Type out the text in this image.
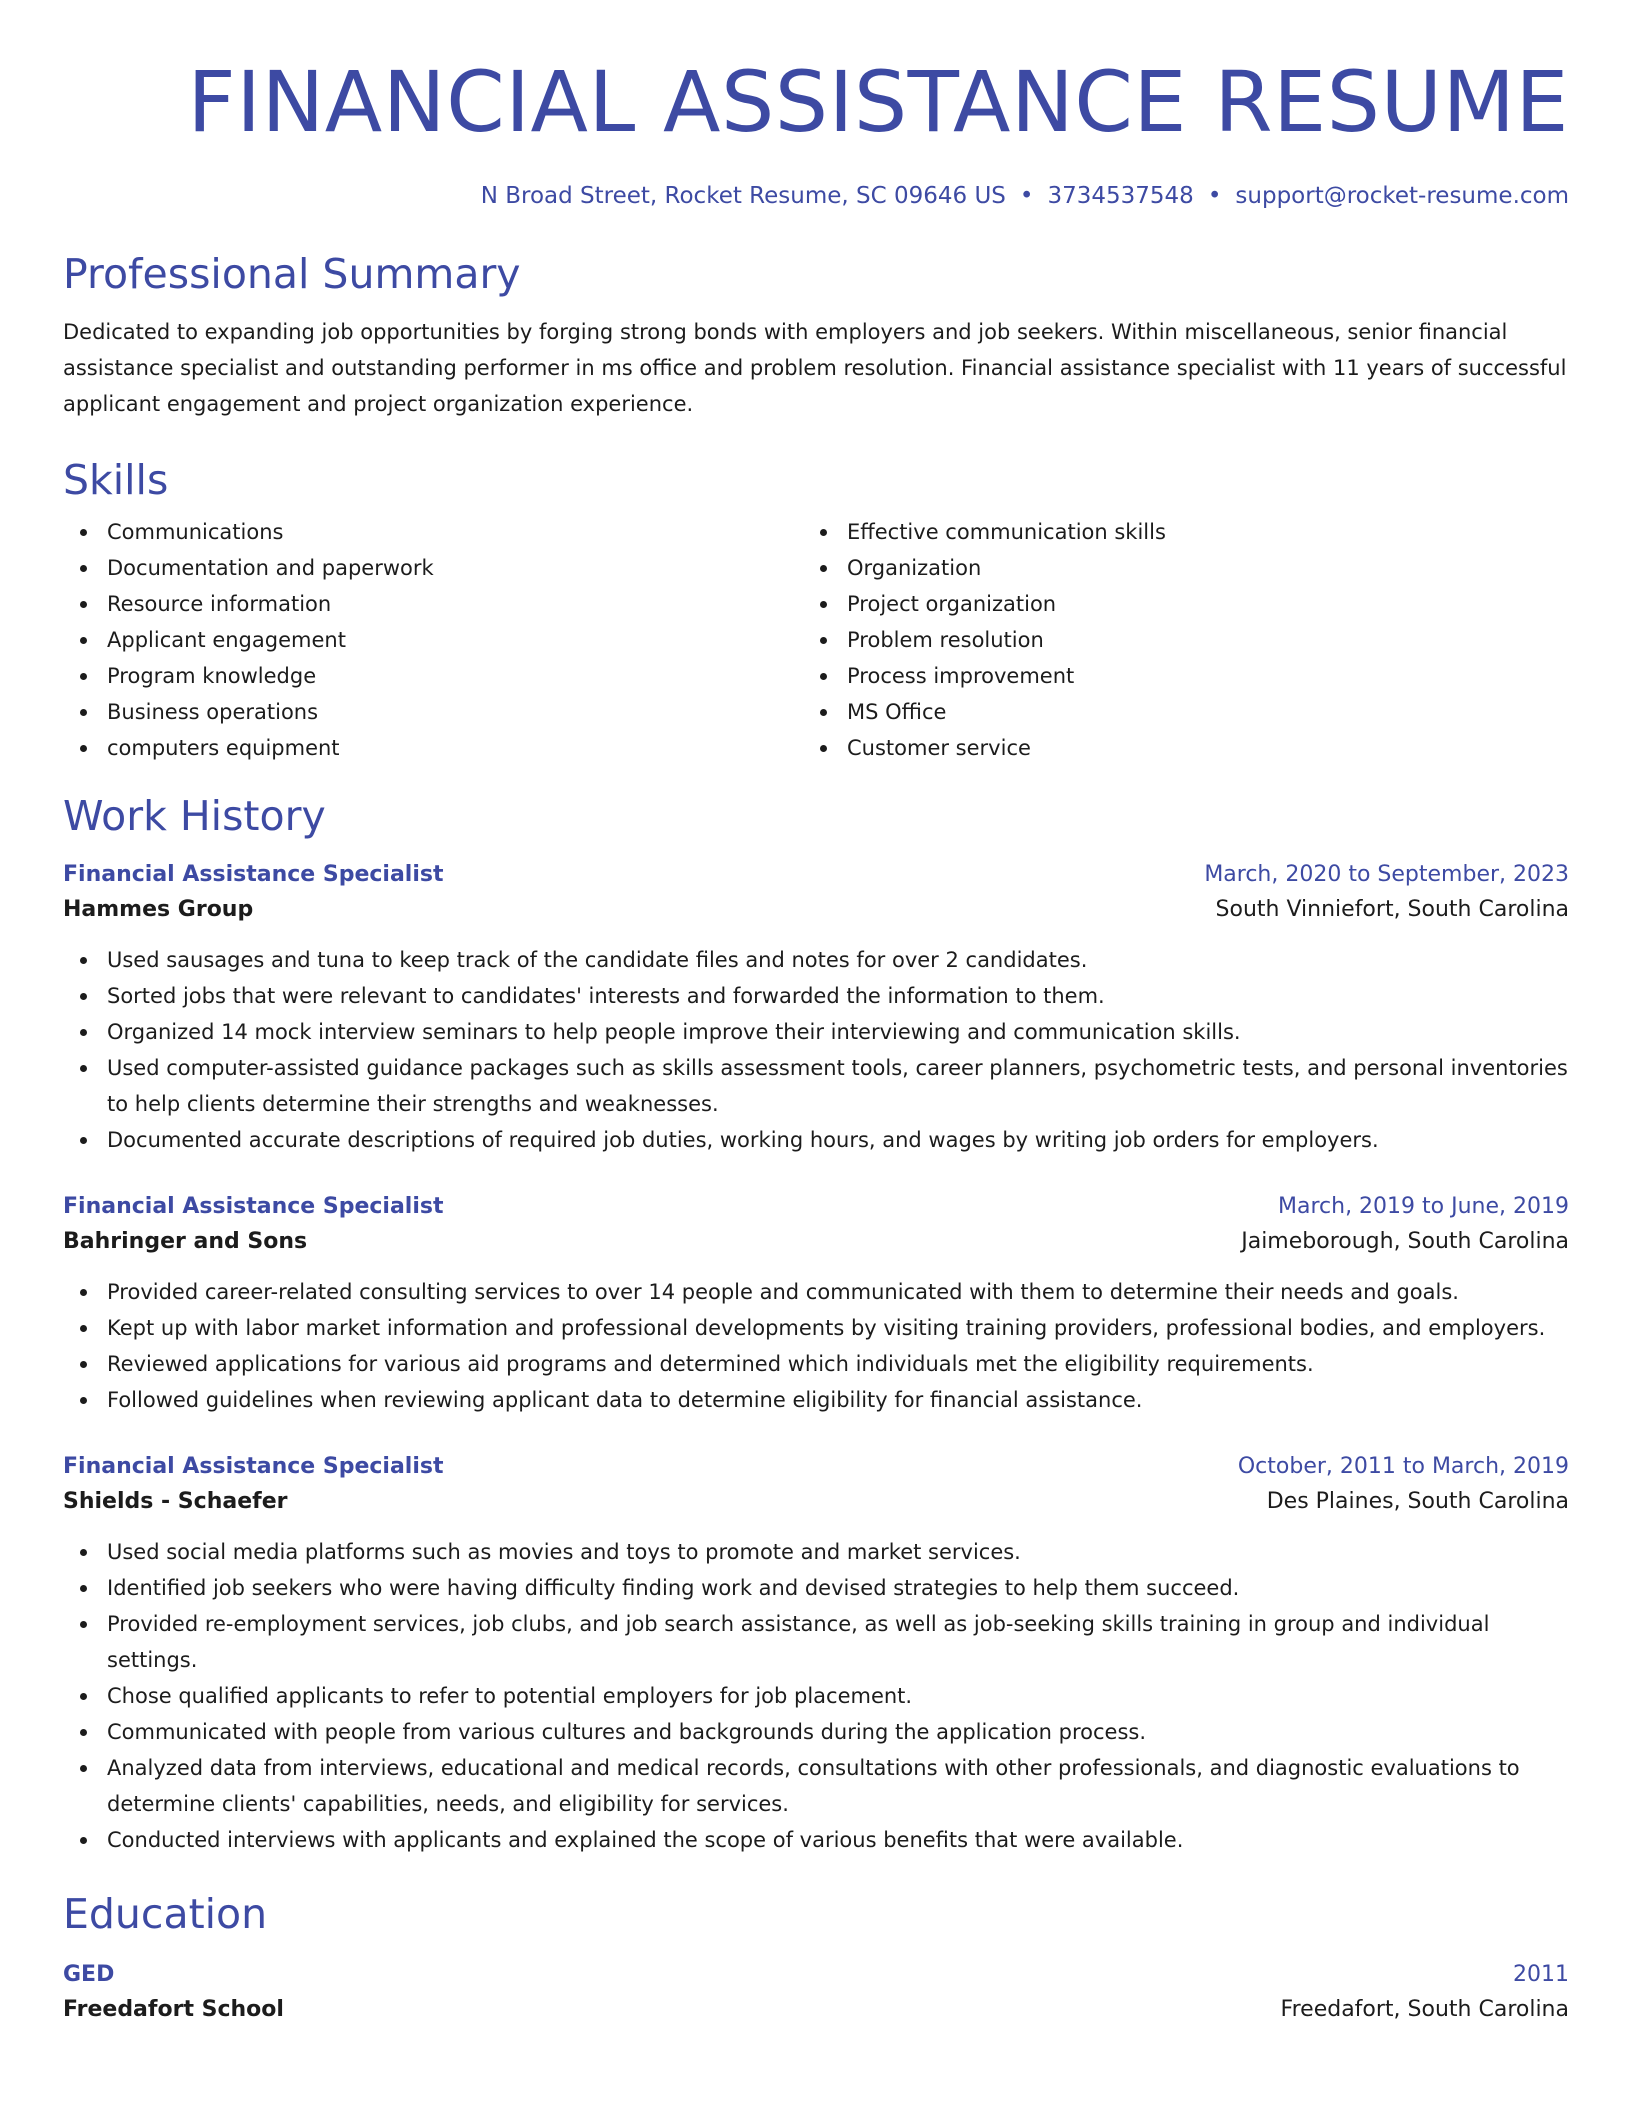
FINANCIAL ASSISTANCE RESUME
N Broad Street, Rocket Resume, SC 09646 US • 3734537548 • support@rocket-resume.com
Professional Summary

Dedicated to expanding job opportunities by forging strong bonds with employers and job seekers. Within miscellaneous, senior financial assistance specialist and outstanding performer in ms office and problem resolution. Financial assistance specialist with 11 years of successful applicant engagement and project organization experience.

Skills
Communications
Documentation and paperwork
Resource information
Applicant engagement
Program knowledge
Business operations
computers equipment
Effective communication skills
Organization
Project organization
Problem resolution
Process improvement
MS Office
Customer service
Work History
Financial Assistance Specialist	March, 2020 to September, 2023
Hammes Group	South Vinniefort, South Carolina
Used sausages and tuna to keep track of the candidate files and notes for over 2 candidates.
Sorted jobs that were relevant to candidates' interests and forwarded the information to them.
Organized 14 mock interview seminars to help people improve their interviewing and communication skills.
Used computer-assisted guidance packages such as skills assessment tools, career planners, psychometric tests, and personal inventories to help clients determine their strengths and weaknesses.
Documented accurate descriptions of required job duties, working hours, and wages by writing job orders for employers.
Financial Assistance Specialist	March, 2019 to June, 2019
Bahringer and Sons	Jaimeborough, South Carolina
Provided career-related consulting services to over 14 people and communicated with them to determine their needs and goals.
Kept up with labor market information and professional developments by visiting training providers, professional bodies, and employers.
Reviewed applications for various aid programs and determined which individuals met the eligibility requirements.
Followed guidelines when reviewing applicant data to determine eligibility for financial assistance.
Financial Assistance Specialist	October, 2011 to March, 2019
Shields - Schaefer	Des Plaines, South Carolina
Used social media platforms such as movies and toys to promote and market services.
Identified job seekers who were having difficulty finding work and devised strategies to help them succeed.
Provided re-employment services, job clubs, and job search assistance, as well as job-seeking skills training in group and individual settings.
Chose qualified applicants to refer to potential employers for job placement.
Communicated with people from various cultures and backgrounds during the application process.
Analyzed data from interviews, educational and medical records, consultations with other professionals, and diagnostic evaluations to determine clients' capabilities, needs, and eligibility for services.
Conducted interviews with applicants and explained the scope of various benefits that were available.
Education
GED	2011
Freedafort School	Freedafort, South Carolina
